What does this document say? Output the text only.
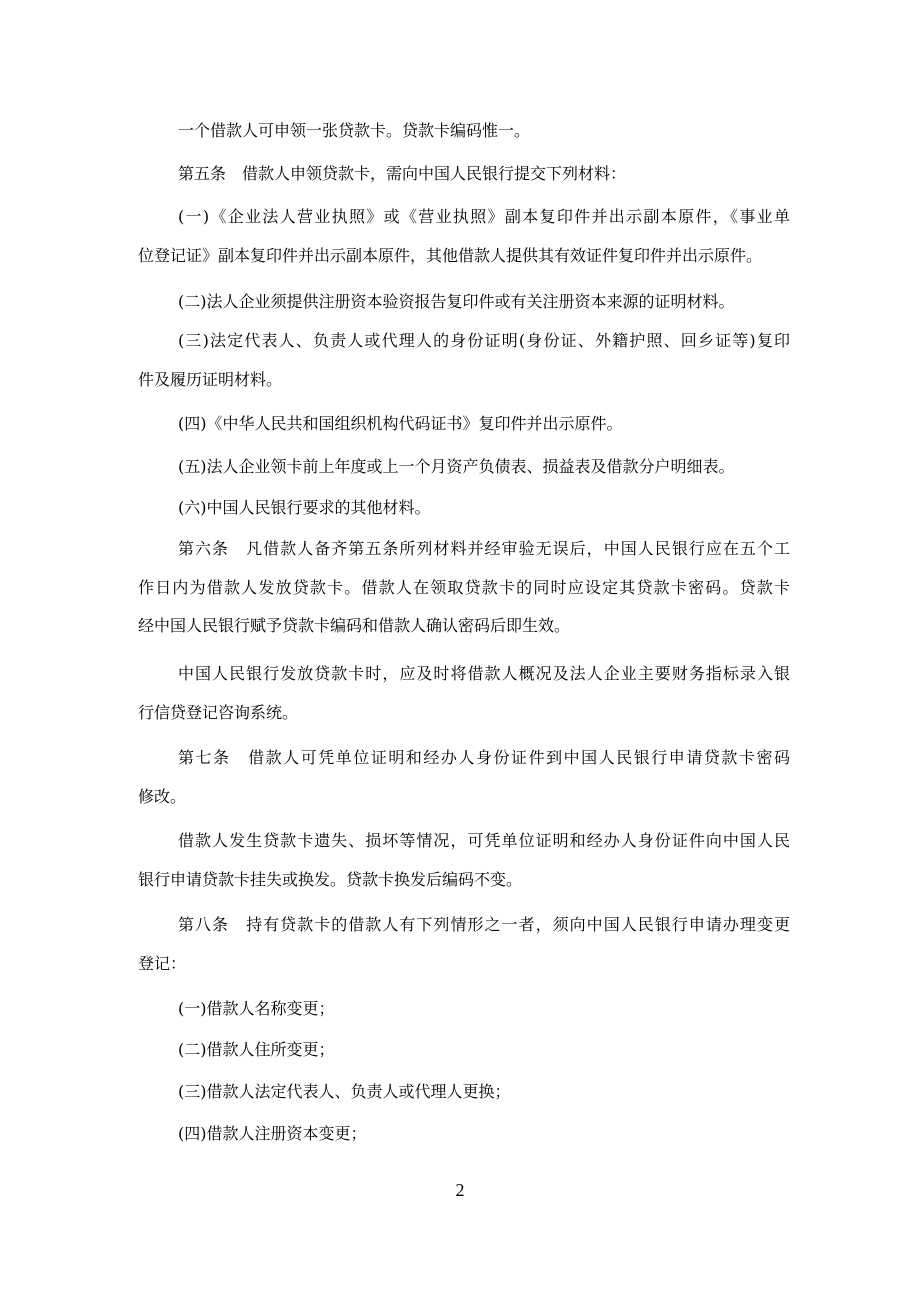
一个借款人可申领一张贷款卡。贷款卡编码惟一。

第五条　借款人申领贷款卡，需向中国人民银行提交下列材料：

(一)《企业法人营业执照》或《营业执照》副本复印件并出示副本原件，《事业单
位登记证》副本复印件并出示副本原件，其他借款人提供其有效证件复印件并出示原件。

(二)法人企业须提供注册资本验资报告复印件或有关注册资本来源的证明材料。

(三)法定代表人、负责人或代理人的身份证明(身份证、外籍护照、回乡证等)复印
件及履历证明材料。

(四)《中华人民共和国组织机构代码证书》复印件并出示原件。

(五)法人企业领卡前上年度或上一个月资产负债表、损益表及借款分户明细表。

(六)中国人民银行要求的其他材料。

第六条　凡借款人备齐第五条所列材料并经审验无误后，中国人民银行应在五个工
作日内为借款人发放贷款卡。借款人在领取贷款卡的同时应设定其贷款卡密码。贷款卡
经中国人民银行赋予贷款卡编码和借款人确认密码后即生效。

中国人民银行发放贷款卡时，应及时将借款人概况及法人企业主要财务指标录入银
行信贷登记咨询系统。

第七条　借款人可凭单位证明和经办人身份证件到中国人民银行申请贷款卡密码
修改。

借款人发生贷款卡遗失、损坏等情况，可凭单位证明和经办人身份证件向中国人民
银行申请贷款卡挂失或换发。贷款卡换发后编码不变。

第八条　持有贷款卡的借款人有下列情形之一者，须向中国人民银行申请办理变更
登记：

(一)借款人名称变更；

(二)借款人住所变更；

(三)借款人法定代表人、负责人或代理人更换；

(四)借款人注册资本变更；

2
